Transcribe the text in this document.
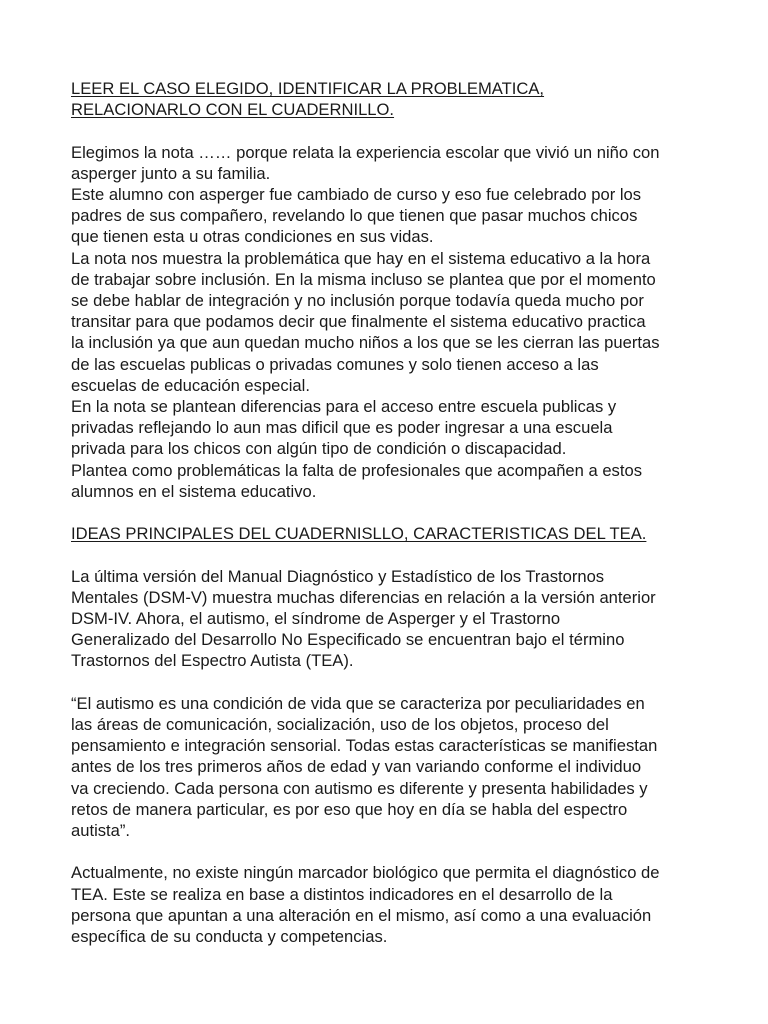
LEER EL CASO ELEGIDO, IDENTIFICAR LA PROBLEMATICA,
RELACIONARLO CON EL CUADERNILLO.

Elegimos la nota …… porque relata la experiencia escolar que vivió un niño con
asperger junto a su familia.

Este alumno con asperger fue cambiado de curso y eso fue celebrado por los
padres de sus compañero, revelando lo que tienen que pasar muchos chicos
que tienen esta u otras condiciones en sus vidas.

La nota nos muestra la problemática que hay en el sistema educativo a la hora
de trabajar sobre inclusión. En la misma incluso se plantea que por el momento
se debe hablar de integración y no inclusión porque todavía queda mucho por
transitar para que podamos decir que finalmente el sistema educativo practica
la inclusión ya que aun quedan mucho niños a los que se les cierran las puertas
de las escuelas publicas o privadas comunes y solo tienen acceso a las
escuelas de educación especial.

En la nota se plantean diferencias para el acceso entre escuela publicas y
privadas reflejando lo aun mas dificil que es poder ingresar a una escuela
privada para los chicos con algún tipo de condición o discapacidad.

Plantea como problemáticas la falta de profesionales que acompañen a estos
alumnos en el sistema educativo.

IDEAS PRINCIPALES DEL CUADERNISLLO, CARACTERISTICAS DEL TEA.

La última versión del Manual Diagnóstico y Estadístico de los Trastornos
Mentales (DSM-V) muestra muchas diferencias en relación a la versión anterior
DSM-IV. Ahora, el autismo, el síndrome de Asperger y el Trastorno
Generalizado del Desarrollo No Especificado se encuentran bajo el término
Trastornos del Espectro Autista (TEA).

“El autismo es una condición de vida que se caracteriza por peculiaridades en
las áreas de comunicación, socialización, uso de los objetos, proceso del
pensamiento e integración sensorial. Todas estas características se manifiestan
antes de los tres primeros años de edad y van variando conforme el individuo
va creciendo. Cada persona con autismo es diferente y presenta habilidades y
retos de manera particular, es por eso que hoy en día se habla del espectro
autista”.

Actualmente, no existe ningún marcador biológico que permita el diagnóstico de
TEA. Este se realiza en base a distintos indicadores en el desarrollo de la
persona que apuntan a una alteración en el mismo, así como a una evaluación
específica de su conducta y competencias.
